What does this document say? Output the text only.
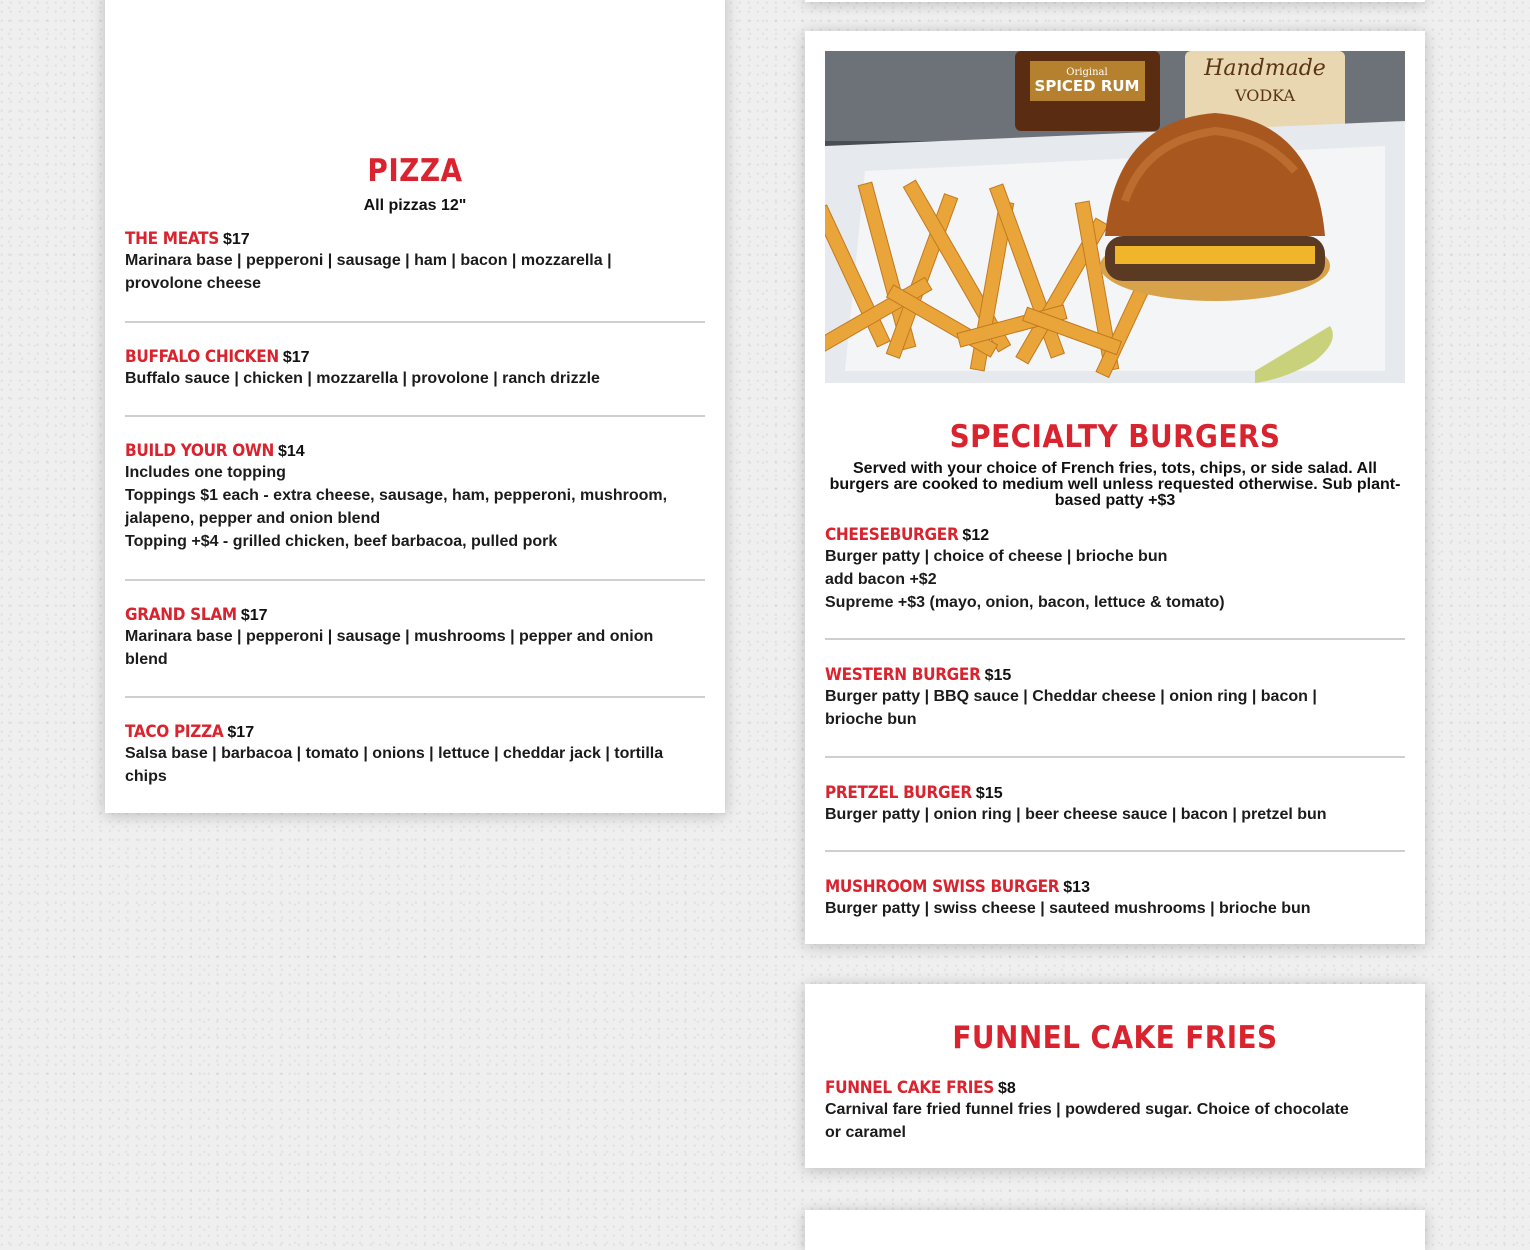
PIZZA

All pizzas 12"

THE MEATS $17
Marinara base | pepperoni | sausage | ham | bacon | mozzarella |
provolone cheese
BUFFALO CHICKEN $17
Buffalo sauce | chicken | mozzarella | provolone | ranch drizzle
BUILD YOUR OWN $14
Includes one topping
Toppings $1 each - extra cheese, sausage, ham, pepperoni, mushroom,
jalapeno, pepper and onion blend
Topping +$4 - grilled chicken, beef barbacoa, pulled pork
GRAND SLAM $17
Marinara base | pepperoni | sausage | mushrooms | pepper and onion
blend
TACO PIZZA $17
Salsa base | barbacoa | tomato | onions | lettuce | cheddar jack | tortilla
chips
Original
SPICED RUM
Handmade
VODKA
SPECIALTY BURGERS

Served with your choice of French fries, tots, chips, or side salad. All burgers are cooked to medium well unless requested otherwise. Sub plant-based patty +$3

CHEESEBURGER $12
Burger patty | choice of cheese | brioche bun
add bacon +$2
Supreme +$3 (mayo, onion, bacon, lettuce & tomato)
WESTERN BURGER $15
Burger patty | BBQ sauce | Cheddar cheese | onion ring | bacon |
brioche bun
PRETZEL BURGER $15
Burger patty | onion ring | beer cheese sauce | bacon | pretzel bun
MUSHROOM SWISS BURGER $13
Burger patty | swiss cheese | sauteed mushrooms | brioche bun
FUNNEL CAKE FRIES
FUNNEL CAKE FRIES $8
Carnival fare fried funnel fries | powdered sugar. Choice of chocolate
or caramel
